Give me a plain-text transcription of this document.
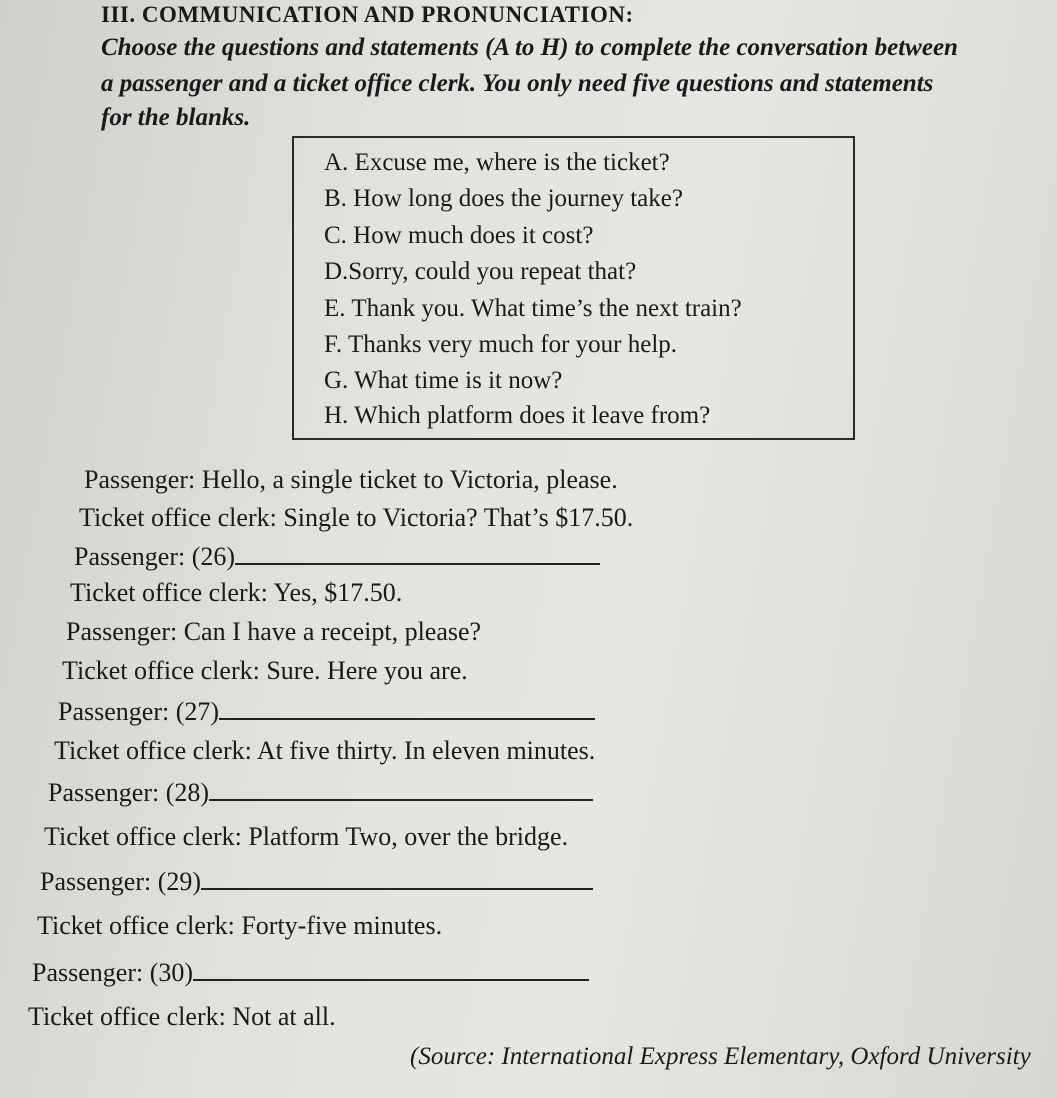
III. COMMUNICATION AND PRONUNCIATION:
Choose the questions and statements (A to H) to complete the conversation between
a passenger and a ticket office clerk. You only need five questions and statements
for the blanks.
A. Excuse me, where is the ticket?
B. How long does the journey take?
C. How much does it cost?
D.Sorry, could you repeat that?
E. Thank you. What time’s the next train?
F. Thanks very much for your help.
G. What time is it now?
H. Which platform does it leave from?
Passenger: Hello, a single ticket to Victoria, please.
Ticket office clerk: Single to Victoria? That’s $17.50.
Passenger: (26)
Ticket office clerk: Yes, $17.50.
Passenger: Can I have a receipt, please?
Ticket office clerk: Sure. Here you are.
Passenger: (27)
Ticket office clerk: At five thirty. In eleven minutes.
Passenger: (28)
Ticket office clerk: Platform Two, over the bridge.
Passenger: (29)
Ticket office clerk: Forty-five minutes.
Passenger: (30)
Ticket office clerk: Not at all.
(Source: International Express Elementary, Oxford University
